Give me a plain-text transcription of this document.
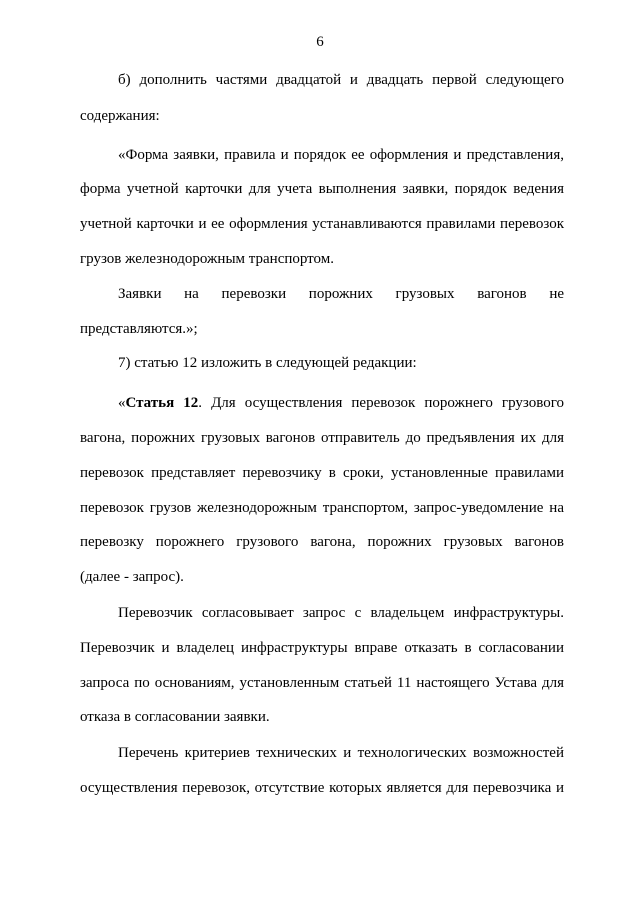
6
б) дополнить частями двадцатой и двадцать первой следующего
содержания:
«Форма заявки, правила и порядок ее оформления и представления,
форма учетной карточки для учета выполнения заявки, порядок ведения
учетной карточки и ее оформления устанавливаются правилами перевозок
грузов железнодорожным транспортом.
Заявки на перевозки порожних грузовых вагонов не
представляются.»;
7) статью 12 изложить в следующей редакции:
«Статья 12. Для осуществления перевозок порожнего грузового
вагона, порожних грузовых вагонов отправитель до предъявления их для
перевозок представляет перевозчику в сроки, установленные правилами
перевозок грузов железнодорожным транспортом, запрос-уведомление на
перевозку порожнего грузового вагона, порожних грузовых вагонов
(далее - запрос).
Перевозчик согласовывает запрос с владельцем инфраструктуры.
Перевозчик и владелец инфраструктуры вправе отказать в согласовании
запроса по основаниям, установленным статьей 11 настоящего Устава для
отказа в согласовании заявки.
Перечень критериев технических и технологических возможностей
осуществления перевозок, отсутствие которых является для перевозчика и
